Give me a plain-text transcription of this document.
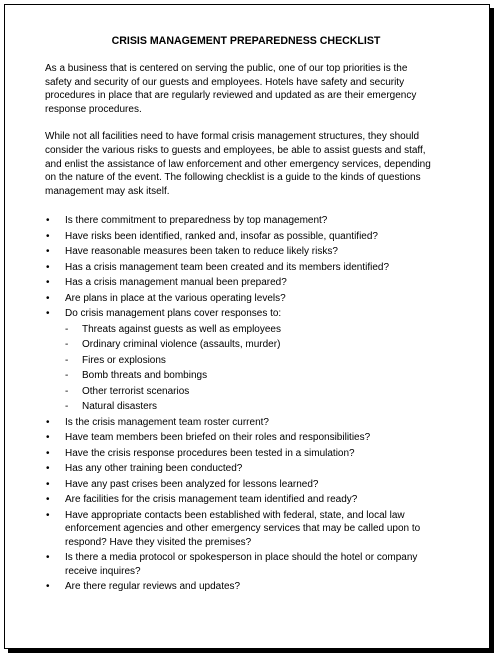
CRISIS MANAGEMENT PREPAREDNESS CHECKLIST

As a business that is centered on serving the public, one of our top priorities is the
safety and security of our guests and employees. Hotels have safety and security
procedures in place that are regularly reviewed and updated as are their emergency
response procedures.

While not all facilities need to have formal crisis management structures, they should
consider the various risks to guests and employees, be able to assist guests and staff,
and enlist the assistance of law enforcement and other emergency services, depending
on the nature of the event. The following checklist is a guide to the kinds of questions
management may ask itself.

• Is there commitment to preparedness by top management?
• Have risks been identified, ranked and, insofar as possible, quantified?
• Have reasonable measures been taken to reduce likely risks?
• Has a crisis management team been created and its members identified?
• Has a crisis management manual been prepared?
• Are plans in place at the various operating levels?
• Do crisis management plans cover responses to:
- Threats against guests as well as employees
- Ordinary criminal violence (assaults, murder)
- Fires or explosions
- Bomb threats and bombings
- Other terrorist scenarios
- Natural disasters
• Is the crisis management team roster current?
• Have team members been briefed on their roles and responsibilities?
• Have the crisis response procedures been tested in a simulation?
• Has any other training been conducted?
• Have any past crises been analyzed for lessons learned?
• Are facilities for the crisis management team identified and ready?
• Have appropriate contacts been established with federal, state, and local law
enforcement agencies and other emergency services that may be called upon to
respond? Have they visited the premises?
• Is there a media protocol or spokesperson in place should the hotel or company
receive inquires?
• Are there regular reviews and updates?
